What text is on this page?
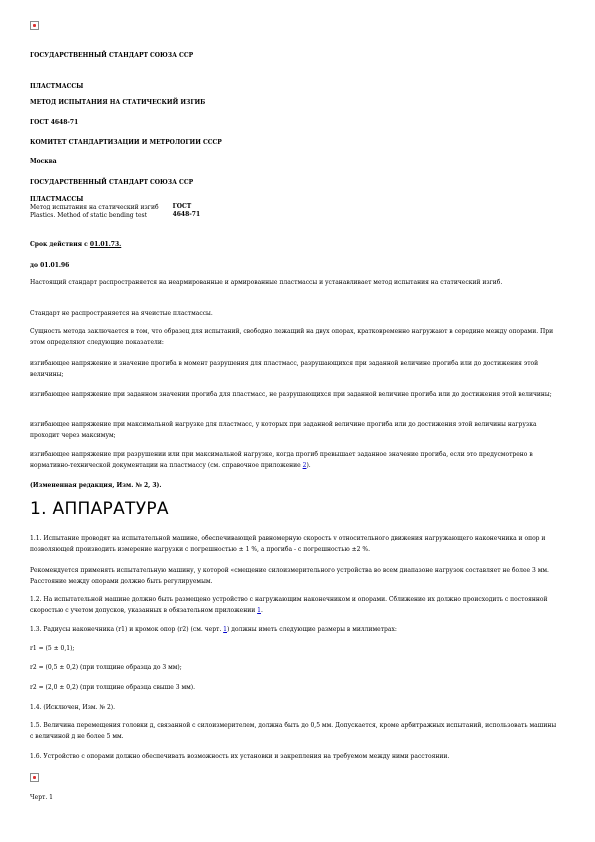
ГОСУДАРСТВЕННЫЙ СТАНДАРТ СОЮЗА ССР

ПЛАСТМАССЫ

МЕТОД ИСПЫТАНИЯ НА СТАТИЧЕСКИЙ ИЗГИБ

ГОСТ 4648-71

КОМИТЕТ СТАНДАРТИЗАЦИИ И МЕТРОЛОГИИ СССР

Москва

ГОСУДАРСТВЕННЫЙ СТАНДАРТ СОЮЗА ССР

ПЛАСТМАССЫ
Метод испытания на статический изгиб
Plastics. Method of static bending test

ГОСТ
4648-71

Срок действия с 01.01.73.

до 01.01.96

Настоящий стандарт распространяется на неармированные и армированные пластмассы и устанавливает метод испытания на статический изгиб.

Стандарт не распространяется на ячеистые пластмассы.

Сущность метода заключается в том, что образец для испытаний, свободно лежащий на двух опорах, кратковременно нагружают в середине между опорами. При этом определяют следующие показатели:

изгибающее напряжение и значение прогиба в момент разрушения для пластмасс, разрушающихся при заданной величине прогиба или до достижения этой величины;

изгибающее напряжение при заданном значении прогиба для пластмасс, не разрушающихся при заданной величине прогиба или до достижения этой величины;

изгибающее напряжение при максимальной нагрузке для пластмасс, у которых при заданной величине прогиба или до достижения этой величины нагрузка проходит через максимум;

изгибающее напряжение при разрушении или при максимальной нагрузке, когда прогиб превышает заданное значение прогиба, если это предусмотрено в нормативно-технической документации на пластмассу (см. справочное приложение 2).

(Измененная редакция, Изм. № 2, 3).

1. АППАРАТУРА

1.1. Испытание проводят на испытательной машине, обеспечивающей равномерную скорость v относительного движения нагружающего наконечника и опор и позволяющей производить измерение нагрузки с погрешностью ± 1 %, а прогиба - с погрешностью ±2 %.

Рекомендуется применять испытательную машину, у которой «смещение силоизмерительного устройства во всем диапазоне нагрузок составляет не более 3 мм. Расстояние между опорами должно быть регулируемым.

1.2. На испытательной машине должно быть размещено устройство с нагружающим наконечником и опорами. Сближение их должно происходить с постоянной скоростью с учетом допусков, указанных в обязательном приложении 1.

1.3. Радиусы наконечника (r1) и кромок опор (r2) (см. черт. 1) должны иметь следующие размеры в миллиметрах:

r1 = (5 ± 0,1);

r2 = (0,5 ± 0,2) (при толщине образца до 3 мм);

r2 = (2,0 ± 0,2) (при толщине образца свыше 3 мм).

1.4. (Исключен, Изм. № 2).

1.5. Величина перемещения головки д, связанной с силоизмерителем, должна быть до 0,5 мм. Допускается, кроме арбитражных испытаний, использовать машины с величиной д не более 5 мм.

1.6. Устройство с опорами должно обеспечивать возможность их установки и закрепления на требуемом между ними расстоянии.

Черт. 1
